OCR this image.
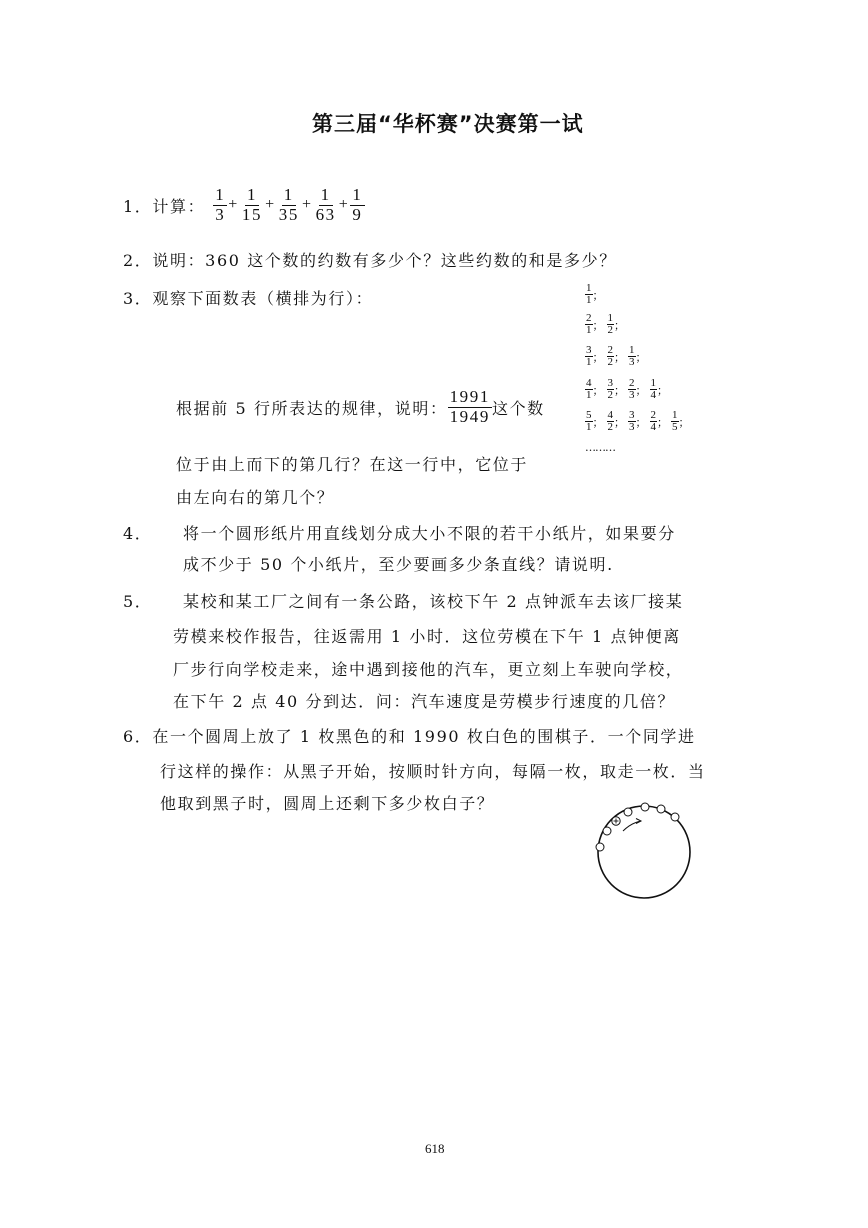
第三届“华杯赛”决赛第一试
1．计算： $\frac{1}{3} + \frac{1}{15} + \frac{1}{35} + \frac{1}{63} + \frac{1}{9}$
2．说明：360 这个数的约数有多少个？这些约数的和是多少？
3．观察下面数表（横排为行）：
根据前 5 行所表达的规律，说明： $\frac{1991}{1949}$ 这个数
位于由上而下的第几行？在这一行中，它位于
由左向右的第几个？
$\frac{1}{1}$ ；
$\frac{2}{1}$ ； $\frac{1}{2}$ ；
$\frac{3}{1}$ ； $\frac{2}{2}$ ； $\frac{1}{3}$ ；
$\frac{4}{1}$ ； $\frac{3}{2}$ ； $\frac{2}{3}$ ； $\frac{1}{4}$ ；
$\frac{5}{1}$ ； $\frac{4}{2}$ ； $\frac{3}{3}$ ； $\frac{2}{4}$ ； $\frac{1}{5}$ ；
………
4． 将一个圆形纸片用直线划分成大小不限的若干小纸片，如果要分
成不少于 50 个小纸片，至少要画多少条直线？请说明.
5． 某校和某工厂之间有一条公路，该校下午 2 点钟派车去该厂接某
劳模来校作报告，往返需用 1 小时．这位劳模在下午 1 点钟便离
厂步行向学校走来，途中遇到接他的汽车，更立刻上车驶向学校，
在下午 2 点 40 分到达．问：汽车速度是劳模步行速度的几倍？
6．在一个圆周上放了 1 枚黑色的和 1990 枚白色的围棋子．一个同学进
行这样的操作：从黑子开始，按顺时针方向，每隔一枚，取走一枚．当
他取到黑子时，圆周上还剩下多少枚白子？
618
